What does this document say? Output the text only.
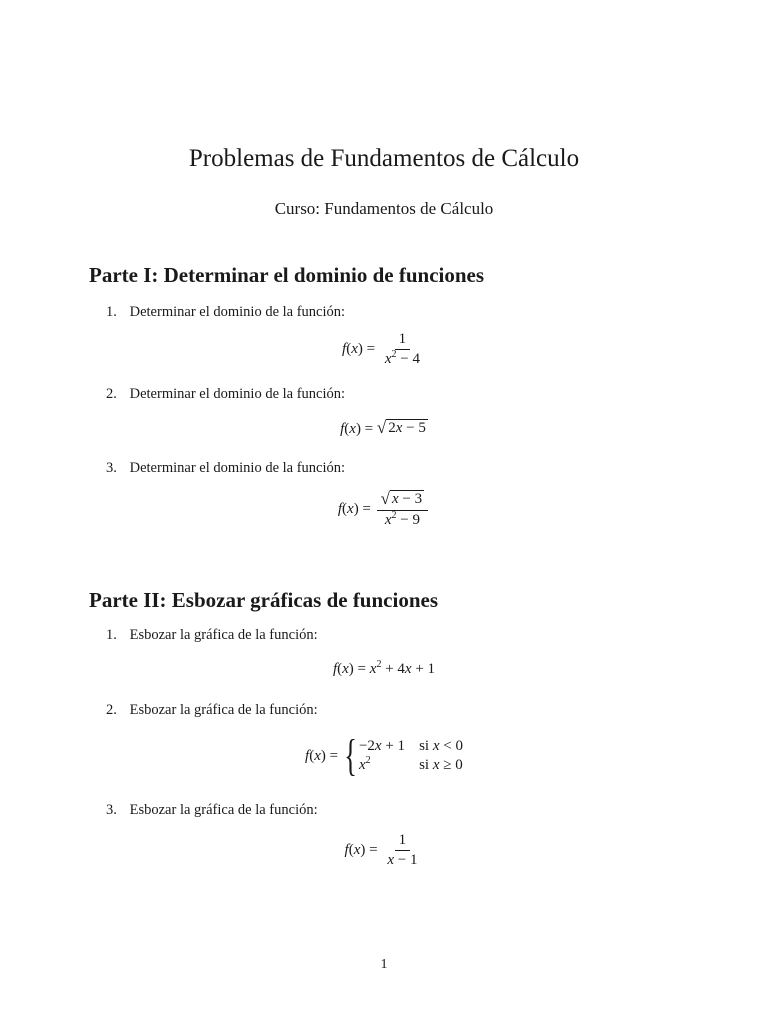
Problemas de Fundamentos de Cálculo
Curso: Fundamentos de Cálculo
Parte I: Determinar el dominio de funciones
1. Determinar el dominio de la función:
$f(x) = \frac{1}{x^2 - 4}$
2. Determinar el dominio de la función:
f(x) = √ 2x − 5
3. Determinar el dominio de la función:
$f(x) = \frac{√ x - 3}{x^2 - 9}$
Parte II: Esbozar gráficas de funciones
1. Esbozar la gráfica de la función:
$f(x) = x^2 + 4x + 1$
2. Esbozar la gráfica de la función:
f(x) = { −2x + 1 si x < 0
$x^2$	si x ≥ 0
3. Esbozar la gráfica de la función:
$f(x) = \frac{1}{x - 1}$
1
